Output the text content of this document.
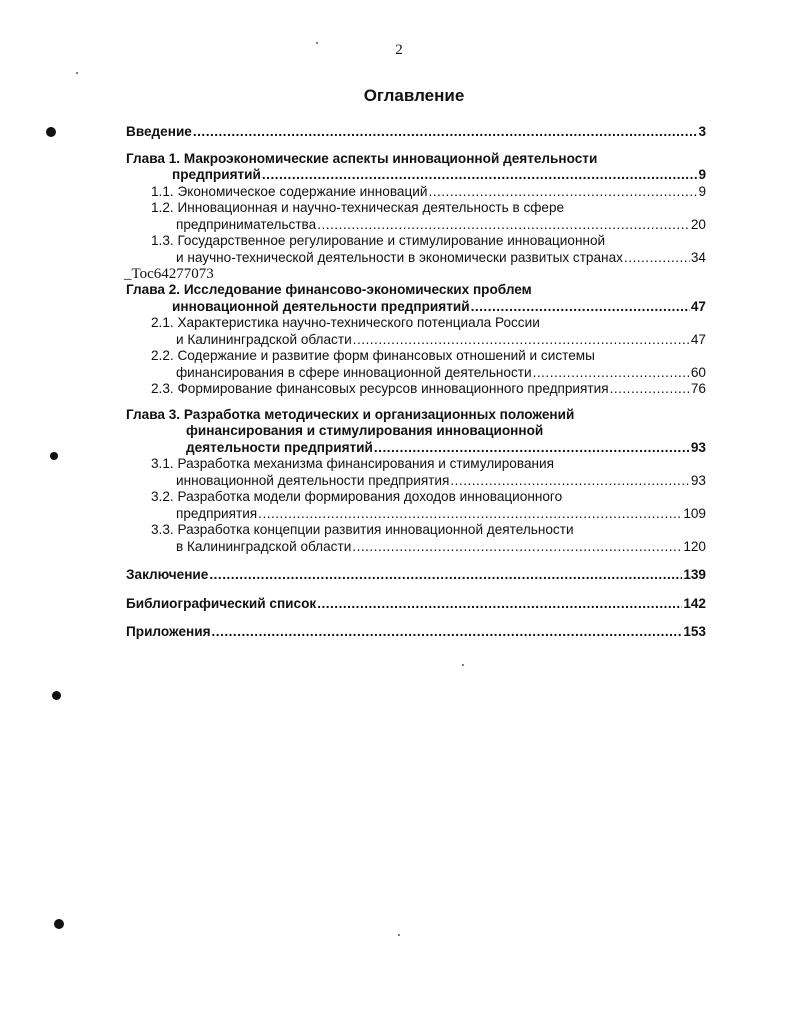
2
Оглавление
Введение .....	3
Глава 1. Макроэкономические аспекты инновационной деятельности
предприятий .....	9
1.1. Экономическое содержание инноваций .....	9
1.2. Инновационная и научно-техническая деятельность в сфере
предпринимательства .....	20
1.3. Государственное регулирование и стимулирование инновационной
и научно-технической деятельности в экономически развитых странах .....	34
_Toc64277073
Глава 2. Исследование финансово-экономических проблем
инновационной деятельности предприятий .....	47
2.1. Характеристика научно-технического потенциала России
и Калининградской области .....	47
2.2. Содержание и развитие форм финансовых отношений и системы
финансирования в сфере инновационной деятельности .....	60
2.3. Формирование финансовых ресурсов инновационного предприятия .....	76
Глава 3. Разработка методических и организационных положений
финансирования и стимулирования инновационной
деятельности предприятий .....	93
3.1. Разработка механизма финансирования и стимулирования
инновационной деятельности предприятия .....	93
3.2. Разработка модели формирования доходов инновационного
предприятия .....	109
3.3. Разработка концепции развития инновационной деятельности
в Калининградской области .....	120
Заключение .....	139
Библиографический список .....	142
Приложения .....	153
